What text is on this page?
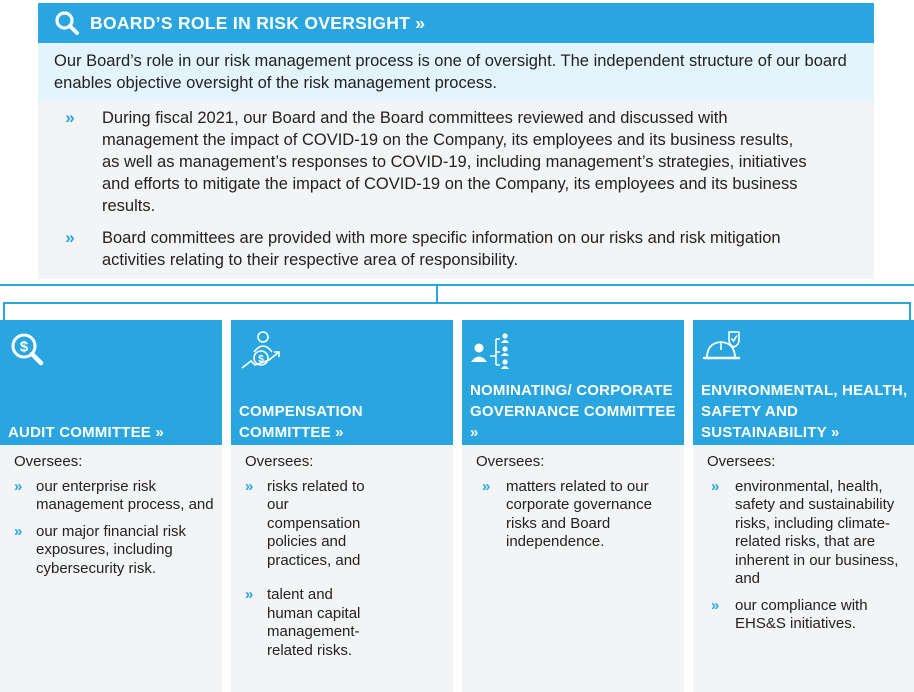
BOARD’S ROLE IN RISK OVERSIGHT »
Our Board’s role in our risk management process is one of oversight. The independent structure of our board enables objective oversight of the risk management process.
»	During fiscal 2021, our Board and the Board committees reviewed and discussed with management the impact of COVID-19 on the Company, its employees and its business results, as well as management’s responses to COVID-19, including management’s strategies, initiatives and efforts to mitigate the impact of COVID-19 on the Company, its employees and its business results.
»	Board committees are provided with more specific information on our risks and risk mitigation activities relating to their respective area of responsibility.
$
AUDIT COMMITTEE »
Oversees:
» our enterprise risk management process, and
» our major financial risk exposures, including cybersecurity risk.
$
COMPENSATION COMMITTEE »
Oversees:
» risks related to our compensation policies and practices, and
» talent and human capital management-related risks.
NOMINATING/ CORPORATE GOVERNANCE COMMITTEE »
Oversees:
»	matters related to our corporate governance risks and Board independence.
ENVIRONMENTAL, HEALTH, SAFETY AND SUSTAINABILITY »
Oversees:
»	environmental, health, safety and sustainability risks, including climate-related risks, that are inherent in our business, and
»	our compliance with EHS&S initiatives.
